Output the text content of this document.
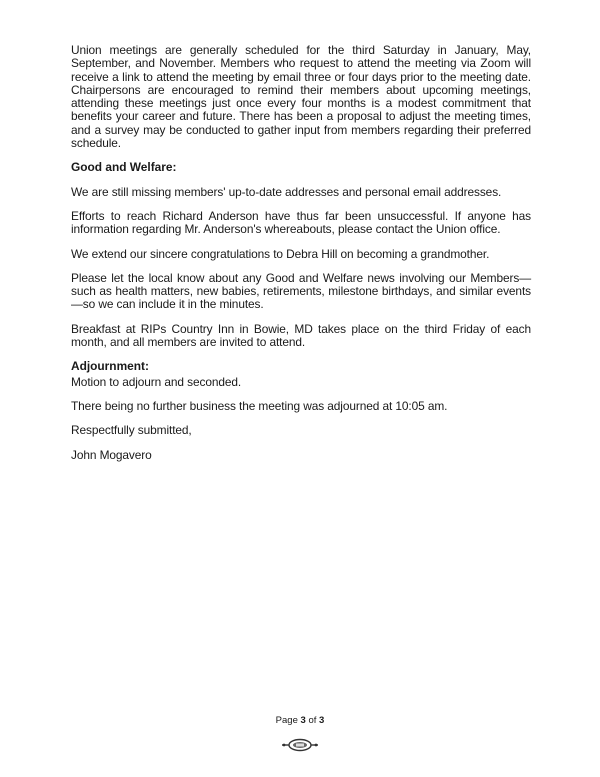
Union meetings are generally scheduled for the third Saturday in January, May, September, and November. Members who request to attend the meeting via Zoom will receive a link to attend the meeting by email three or four days prior to the meeting date. Chairpersons are encouraged to remind their members about upcoming meetings, attending these meetings just once every four months is a modest commitment that benefits your career and future. There has been a proposal to adjust the meeting times, and a survey may be conducted to gather input from members regarding their preferred schedule.

Good and Welfare:

We are still missing members' up-to-date addresses and personal email addresses.

Efforts to reach Richard Anderson have thus far been unsuccessful. If anyone has information regarding Mr. Anderson's whereabouts, please contact the Union office.

We extend our sincere congratulations to Debra Hill on becoming a grandmother.

Please let the local know about any Good and Welfare news involving our Members—such as health matters, new babies, retirements, milestone birthdays, and similar events—so we can include it in the minutes.

Breakfast at RIPs Country Inn in Bowie, MD takes place on the third Friday of each month, and all members are invited to attend.

Adjournment:

Motion to adjourn and seconded.

There being no further business the meeting was adjourned at 10:05 am.

Respectfully submitted,

John Mogavero

Page 3 of 3
